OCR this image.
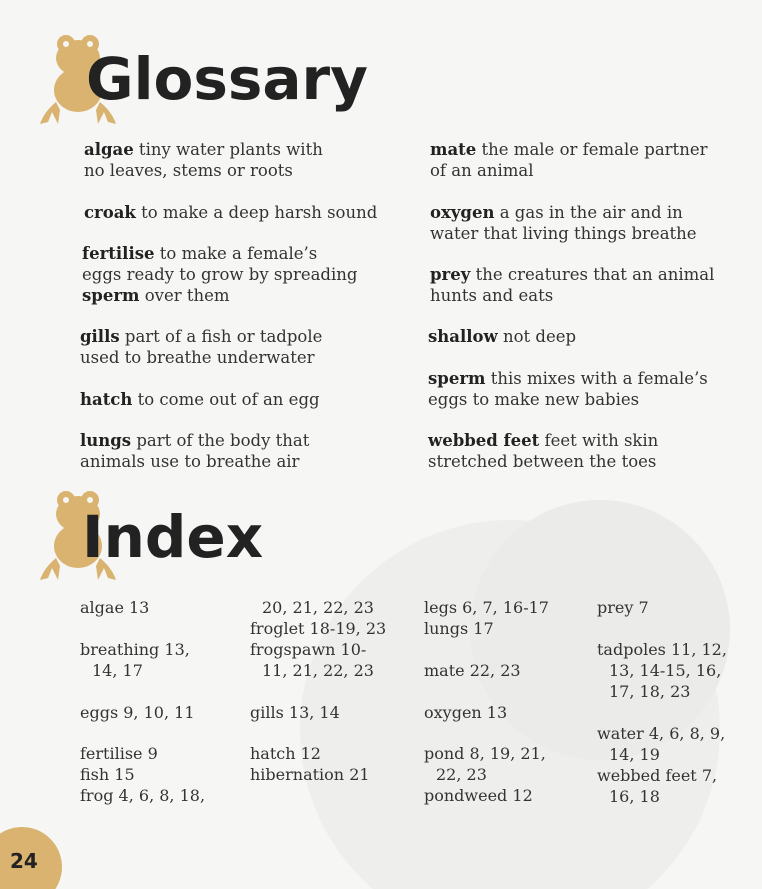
Glossary

algae tiny water plants with
no leaves, stems or roots

croak to make a deep harsh sound

fertilise to make a female’s
eggs ready to grow by spreading
sperm over them

gills part of a fish or tadpole
used to breathe underwater

hatch to come out of an egg

lungs part of the body that
animals use to breathe air

mate the male or female partner
of an animal

oxygen a gas in the air and in
water that living things breathe

prey the creatures that an animal
hunts and eats

shallow not deep

sperm this mixes with a female’s
eggs to make new babies

webbed feet feet with skin
stretched between the toes

Index

algae 13

breathing 13,
14, 17

eggs 9, 10, 11

fertilise 9
fish 15
frog 4, 6, 8, 18,

20, 21, 22, 23
froglet 18-19, 23
frogspawn 10-
11, 21, 22, 23

gills 13, 14

hatch 12
hibernation 21

legs 6, 7, 16-17
lungs 17

mate 22, 23

oxygen 13

pond 8, 19, 21,
22, 23
pondweed 12

prey 7

tadpoles 11, 12,
13, 14-15, 16,
17, 18, 23

water 4, 6, 8, 9,
14, 19
webbed feet 7,
16, 18

24
